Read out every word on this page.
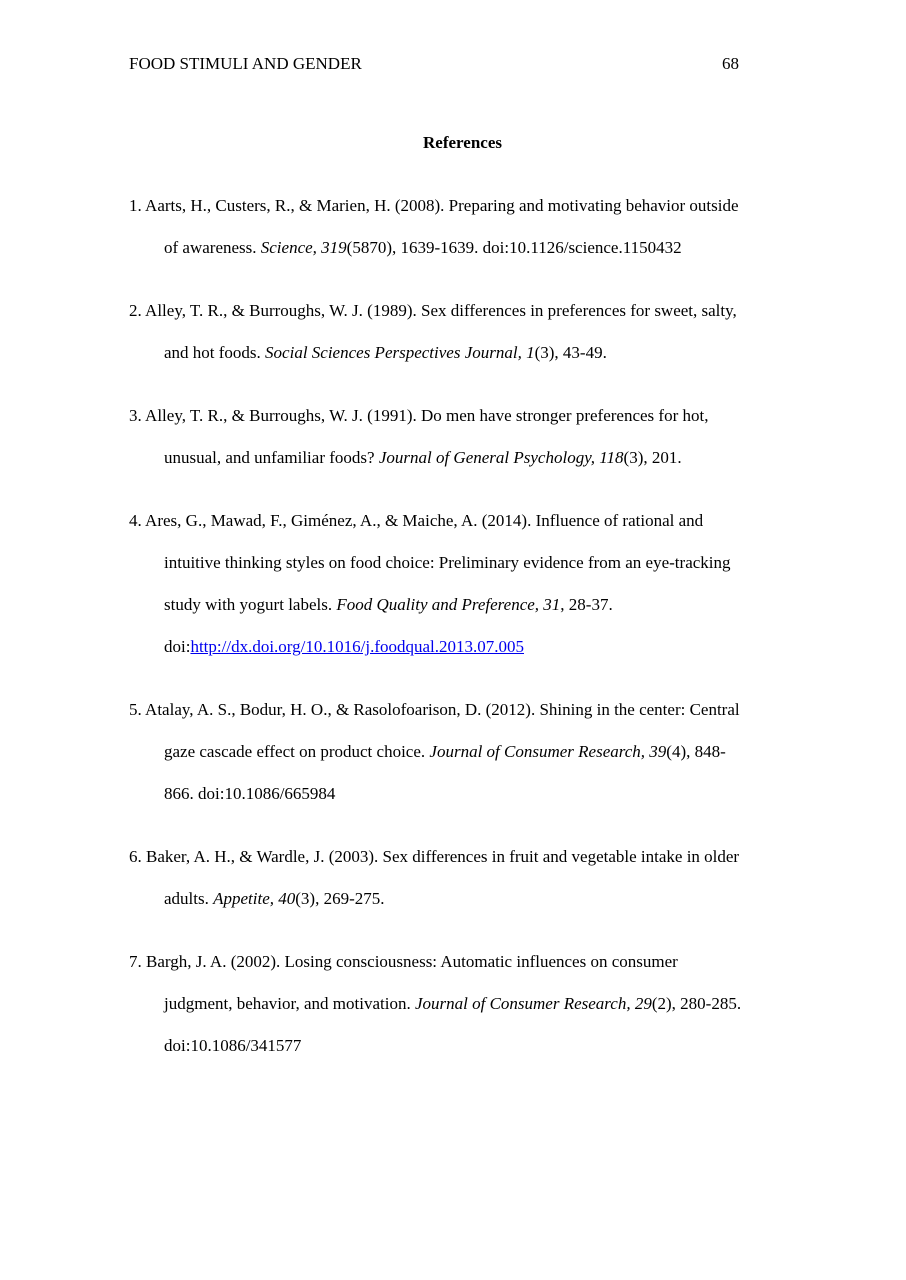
FOOD STIMULI AND GENDER	68
References
1. Aarts, H., Custers, R., & Marien, H. (2008). Preparing and motivating behavior outside
of awareness. Science, 319(5870), 1639-1639. doi:10.1126/science.1150432
2. Alley, T. R., & Burroughs, W. J. (1989). Sex differences in preferences for sweet, salty,
and hot foods. Social Sciences Perspectives Journal, 1(3), 43-49.
3. Alley, T. R., & Burroughs, W. J. (1991). Do men have stronger preferences for hot,
unusual, and unfamiliar foods? Journal of General Psychology, 118(3), 201.
4. Ares, G., Mawad, F., Giménez, A., & Maiche, A. (2014). Influence of rational and
intuitive thinking styles on food choice: Preliminary evidence from an eye-tracking
study with yogurt labels. Food Quality and Preference, 31, 28-37.
doi:http://dx.doi.org/10.1016/j.foodqual.2013.07.005
5. Atalay, A. S., Bodur, H. O., & Rasolofoarison, D. (2012). Shining in the center: Central
gaze cascade effect on product choice. Journal of Consumer Research, 39(4), 848-
866. doi:10.1086/665984
6. Baker, A. H., & Wardle, J. (2003). Sex differences in fruit and vegetable intake in older
adults. Appetite, 40(3), 269-275.
7. Bargh, J. A. (2002). Losing consciousness: Automatic influences on consumer
judgment, behavior, and motivation. Journal of Consumer Research, 29(2), 280-285.
doi:10.1086/341577
